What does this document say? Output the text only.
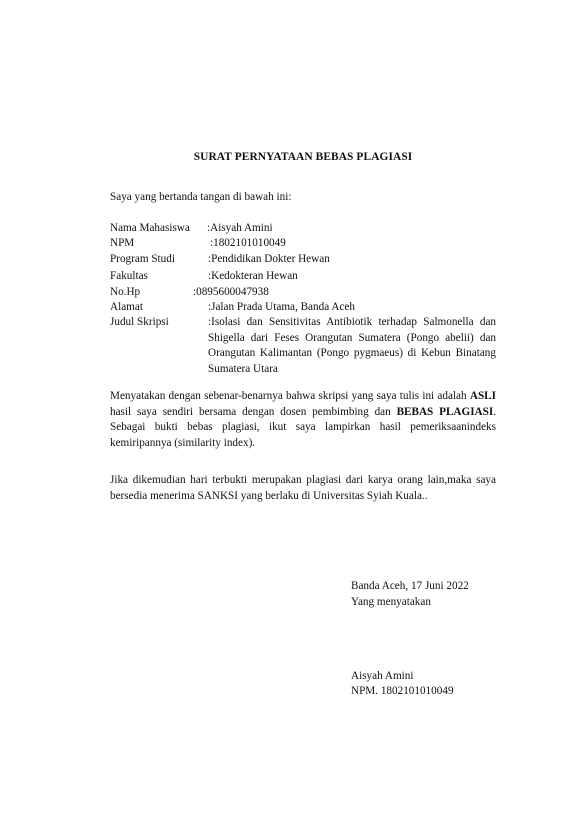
SURAT PERNYATAAN BEBAS PLAGIASI
Saya yang bertanda tangan di bawah ini:
Nama Mahasiswa :Aisyah Amini
NPM	:1802101010049
Program Studi	:Pendidikan Dokter Hewan
Fakultas	:Kedokteran Hewan
No.Hp	:0895600047938
Alamat	:Jalan Prada Utama, Banda Aceh
Judul Skripsi	:Isolasi dan Sensitivitas Antibiotik terhadap Salmonella dan Shigella dari Feses Orangutan Sumatera (Pongo abelii) dan Orangutan Kalimantan (Pongo pygmaeus) di Kebun Binatang Sumatera Utara
Menyatakan dengan sebenar-benarnya bahwa skripsi yang saya tulis ini adalah ASLI hasil saya sendiri bersama dengan dosen pembimbing dan BEBAS PLAGIASI. Sebagai bukti bebas plagiasi, ikut saya lampirkan hasil pemeriksaanindeks kemiripannya (similarity index).
Jika dikemudian hari terbukti merupakan plagiasi dari karya orang lain,maka saya bersedia menerima SANKSI yang berlaku di Universitas Syiah Kuala..
Banda Aceh, 17 Juni 2022
Yang menyatakan
Aisyah Amini
NPM. 1802101010049
